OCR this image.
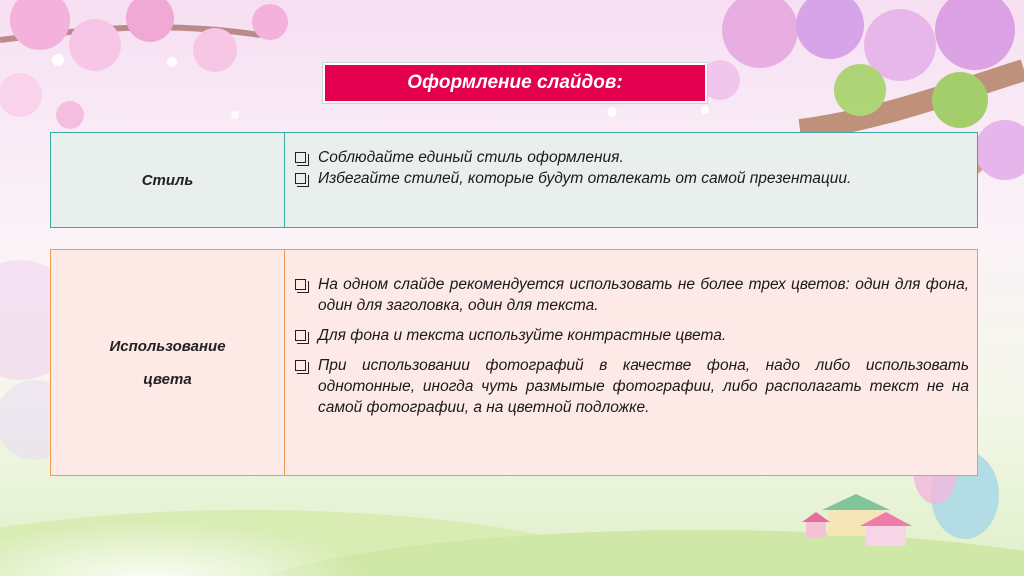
Оформление слайдов:
Стиль
Соблюдайте единый стиль оформления.
Избегайте стилей, которые будут отвлекать от самой презентации.
Использование
цвета
На одном слайде рекомендуется использовать не более трех цветов: один для фона, один для заголовка, один для текста.
Для фона и текста используйте контрастные цвета.
При использовании фотографий в качестве фона, надо либо использовать однотонные, иногда чуть размытые фотографии, либо располагать текст не на самой фотографии, а на цветной подложке.
